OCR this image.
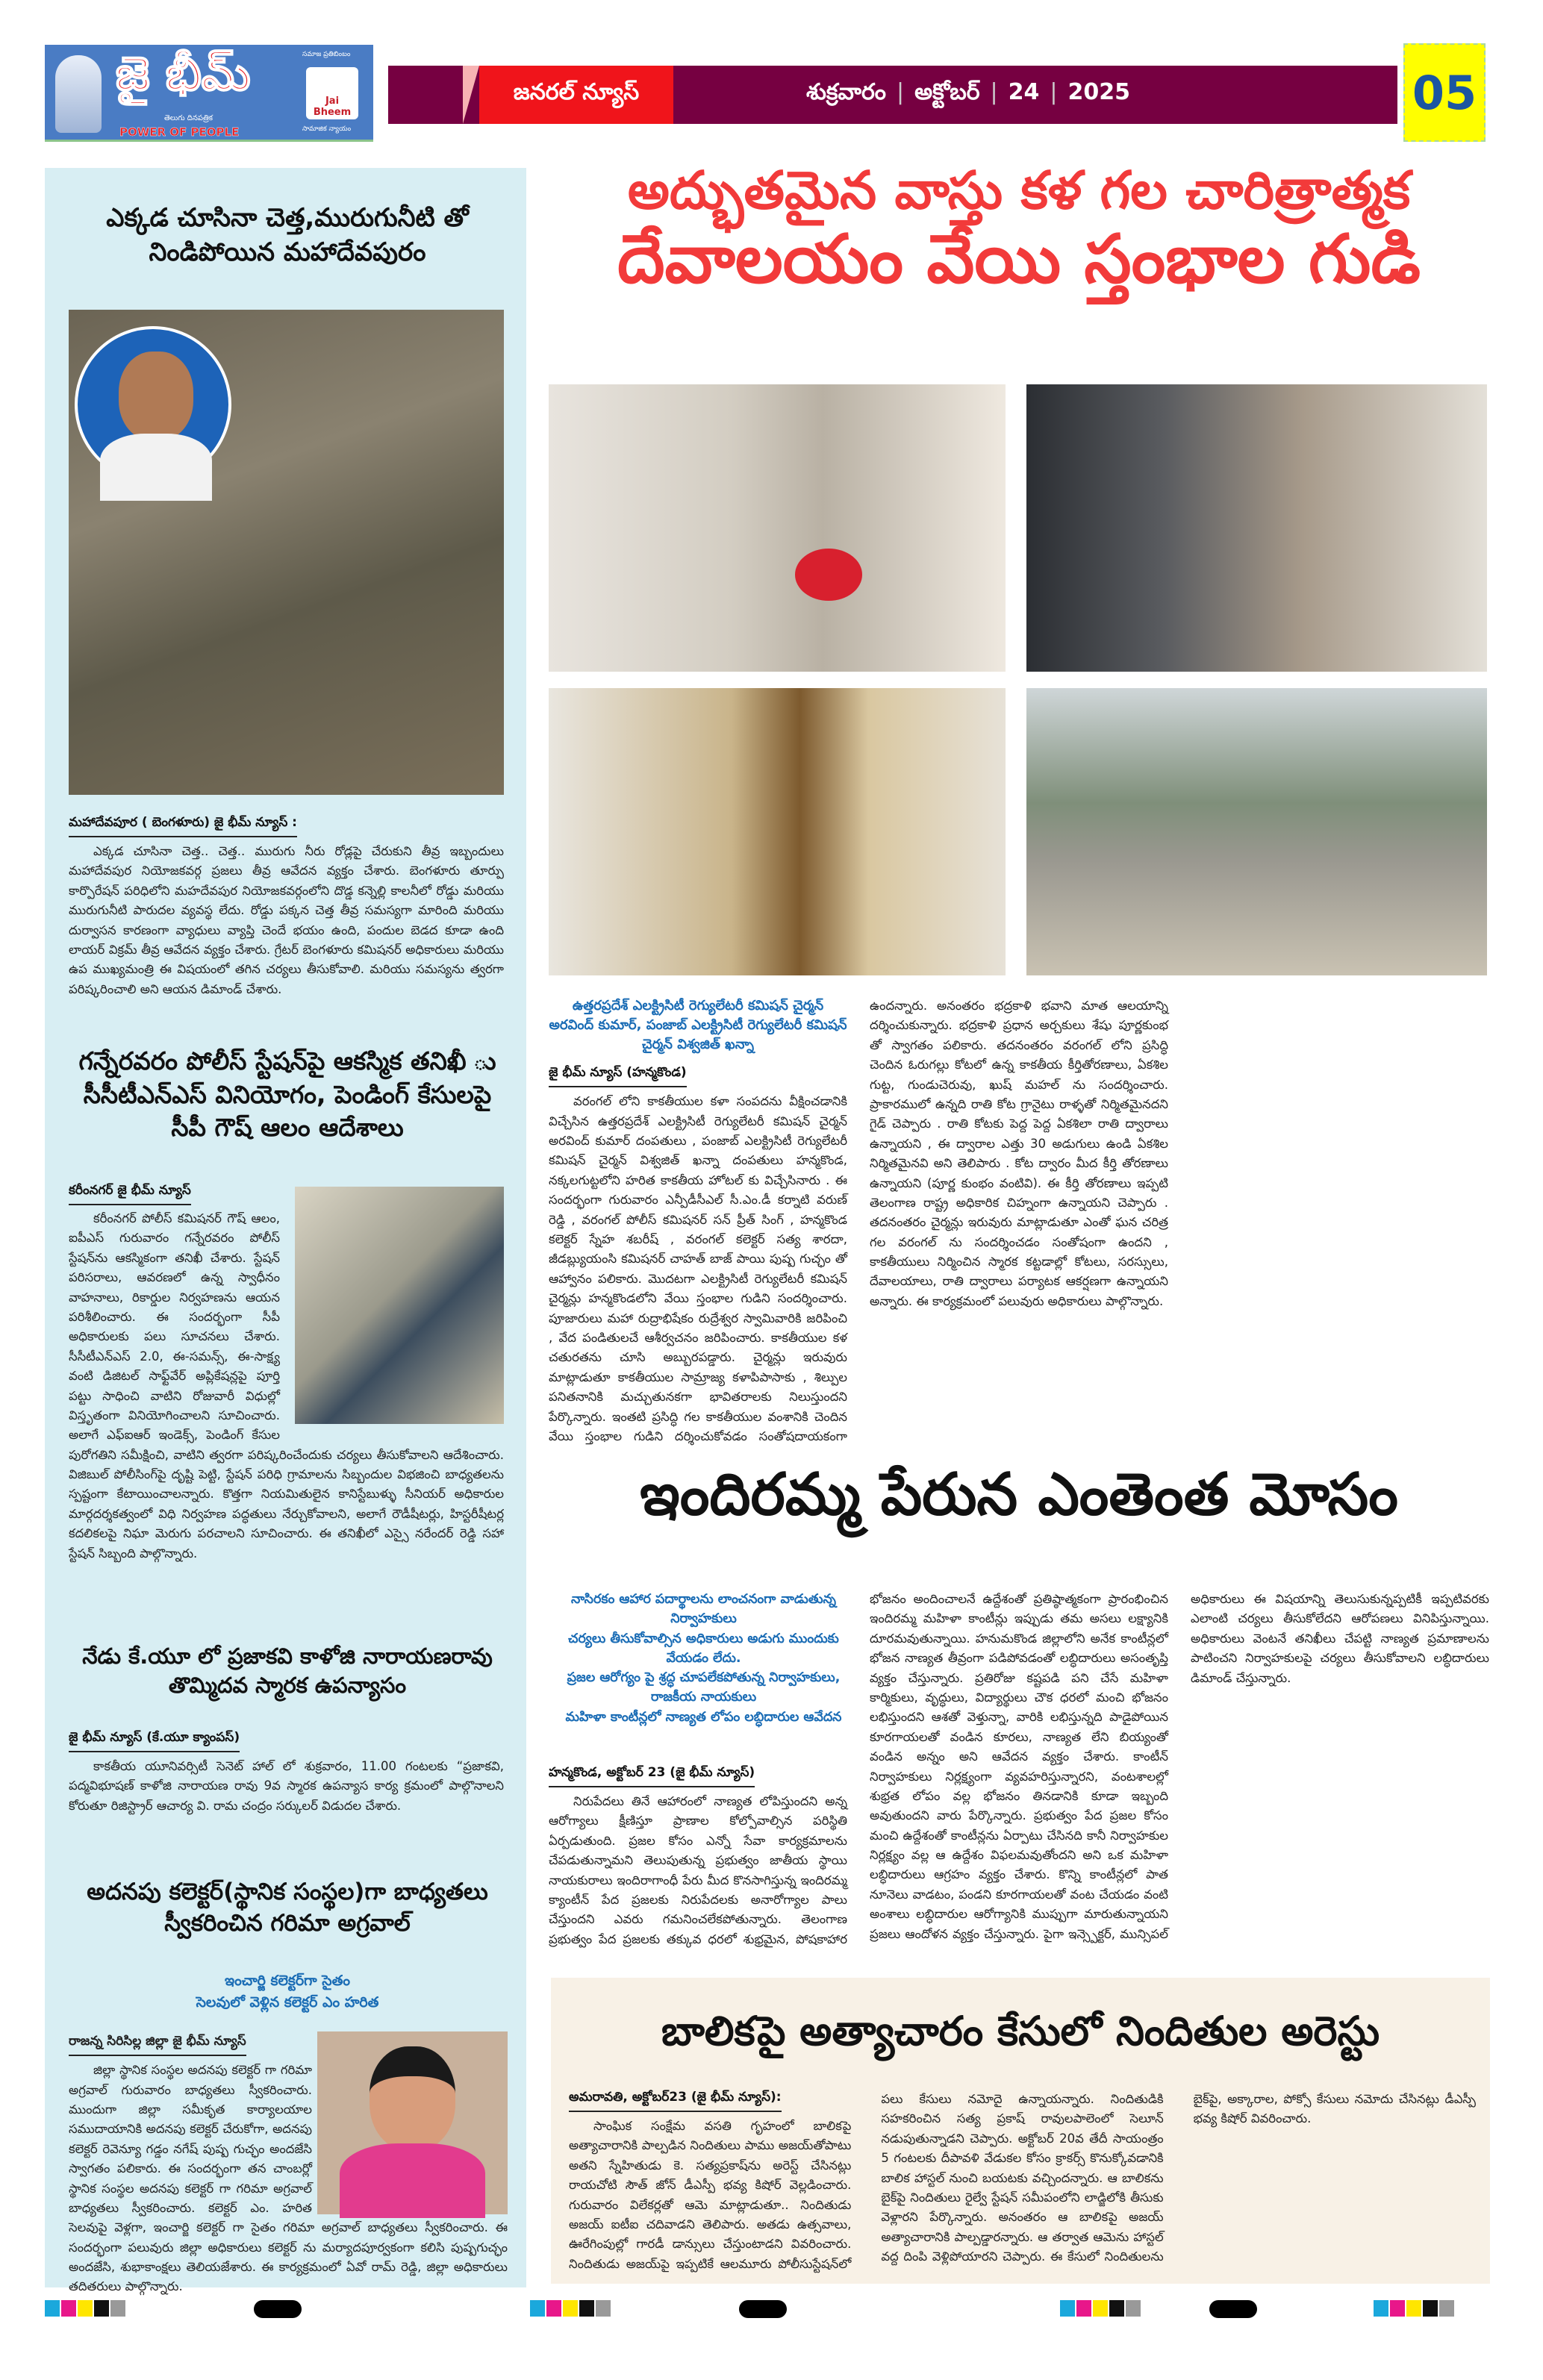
జై భీమ్
తెలుగు దినపత్రిక
POWER OF PEOPLE
సమాజ ప్రతిబింబం
Jai Bheem
సామాజిక న్యాయం
జనరల్ న్యూస్	శుక్రవారం | అక్టోబర్ | 24 | 2025	05
ఎక్కడ చూసినా చెత్త,మురుగునీటి తో నిండిపోయిన మహాదేవపురం
మహాదేవపూర ( బెంగళూరు) జై భీమ్ న్యూస్ :

ఎక్కడ చూసినా చెత్త.. చెత్త.. మురుగు నీరు రోడ్లపై చేరుకుని తీవ్ర ఇబ్బందులు మహాదేవపుర నియోజకవర్గ ప్రజలు తీవ్ర ఆవేదన వ్యక్తం చేశారు. బెంగళూరు తూర్పు కార్పొరేషన్ పరిధిలోని మహదేవపుర నియోజకవర్గంలోని దొడ్డ కన్నెల్లి కాలనీలో రోడ్డు మరియు మురుగునీటి పారుదల వ్యవస్థ లేదు. రోడ్డు పక్కన చెత్త తీవ్ర సమస్యగా మారింది మరియు దుర్వాసన కారణంగా వ్యాధులు వ్యాప్తి చెందే భయం ఉంది, పందుల బెడద కూడా ఉంది లాయర్ విక్రమ్ తీవ్ర ఆవేదన వ్యక్తం చేశారు. గ్రేటర్ బెంగళూరు కమిషనర్ అధికారులు మరియు ఉప ముఖ్యమంత్రి ఈ విషయంలో తగిన చర్యలు తీసుకోవాలి. మరియు సమస్యను త్వరగా పరిష్కరించాలి అని ఆయన డిమాండ్ చేశారు.

గన్నేరవరం పోలీస్ స్టేషన్‌పై ఆకస్మిక తనిఖీ ు సీసీటీఎన్ఎస్ వినియోగం, పెండింగ్ కేసులపై సీపీ గౌష్ ఆలం ఆదేశాలు
కరీంనగర్ జై భీమ్ న్యూస్

కరీంనగర్ పోలీస్ కమిషనర్ గౌష్ ఆలం, ఐపీఎస్ గురువారం గన్నేరవరం పోలీస్ స్టేషన్‌ను ఆకస్మికంగా తనిఖీ చేశారు. స్టేషన్ పరిసరాలు, ఆవరణలో ఉన్న స్వాధీనం వాహనాలు, రికార్డుల నిర్వహణను ఆయన పరిశీలించారు. ఈ సందర్భంగా సీపీ అధికారులకు పలు సూచనలు చేశారు. సీసీటీఎన్ఎస్ 2.0, ఈ-సమన్స్, ఈ-సాక్ష్య వంటి డిజిటల్ సాఫ్ట్‌వేర్ అప్లికేషన్లపై పూర్తి పట్టు సాధించి వాటిని రోజువారీ విధుల్లో విస్తృతంగా వినియోగించాలని సూచించారు. అలాగే ఎఫ్ఐఆర్ ఇండెక్స్, పెండింగ్ కేసుల పురోగతిని సమీక్షించి, వాటిని త్వరగా పరిష్కరించేందుకు చర్యలు తీసుకోవాలని ఆదేశించారు. విజిబుల్ పోలీసింగ్‌పై దృష్టి పెట్టి, స్టేషన్ పరిధి గ్రామాలను సిబ్బందుల విభజించి బాధ్యతలను స్పష్టంగా కేటాయించాలన్నారు. కొత్తగా నియమితులైన కానిస్టేబుళ్ళు సీనియర్ అధికారుల మార్గదర్శకత్వంలో విధి నిర్వహణ పద్ధతులు నేర్చుకోవాలని, అలాగే రౌడీషీటర్లు, హిస్టరీషీటర్ల కదలికలపై నిఘా మెరుగు పరచాలని సూచించారు. ఈ తనిఖీలో ఎస్సై నరేందర్ రెడ్డి సహా స్టేషన్ సిబ్బంది పాల్గొన్నారు.

నేడు కే.యూ లో ప్రజాకవి కాళోజి నారాయణరావు తొమ్మిదవ స్మారక ఉపన్యాసం
జై భీమ్ న్యూస్ (కే.యూ క్యాంపస్)

కాకతీయ యూనివర్సిటీ సెనెట్ హాల్ లో శుక్రవారం, 11.00 గంటలకు “ప్రజాకవి, పద్మవిభూషణ్ కాళోజి నారాయణ రావు 9వ స్మారక ఉపన్యాస కార్య క్రమంలో పాల్గొనాలని కోరుతూ రిజిస్ట్రార్ ఆచార్య వి. రామ చంద్రం సర్కులర్ విడుదల చేశారు.

అదనపు కలెక్టర్(స్థానిక సంస్థల)గా బాధ్యతలు స్వీకరించిన గరిమా అగ్రవాల్
ఇంచార్జి కలెక్టర్‌గా సైతం
సెలవులో వెళ్లిన కలెక్టర్ ఎం హరిత
రాజన్న సిరిసిల్ల జిల్లా జై భీమ్ న్యూస్

జిల్లా స్థానిక సంస్థల అదనపు కలెక్టర్ గా గరిమా అగ్రవాల్ గురువారం బాధ్యతలు స్వీకరించారు. ముందుగా జిల్లా సమీకృత కార్యాలయాల సముదాయానికి అదనపు కలెక్టర్ చేరుకోగా, అదనపు కలెక్టర్ రెవెన్యూ గడ్డం నగేష్ పుష్ప గుచ్ఛం అందజేసి స్వాగతం పలికారు. ఈ సందర్భంగా తన చాంబర్లో స్థానిక సంస్థల అదనపు కలెక్టర్ గా గరిమా అగ్రవాల్ బాధ్యతలు స్వీకరించారు. కలెక్టర్ ఎం. హరిత సెలవుపై వెళ్లగా, ఇంచార్జి కలెక్టర్ గా సైతం గరిమా అగ్రవాల్ బాధ్యతలు స్వీకరించారు. ఈ సందర్భంగా పలువురు జిల్లా అధికారులు కలెక్టర్ ను మర్యాదపూర్వకంగా కలిసి పుష్పగుచ్ఛం అందజేసి, శుభాకాంక్షలు తెలియజేశారు. ఈ కార్యక్రమంలో ఏవో రామ్ రెడ్డి, జిల్లా అధికారులు తదితరులు పాల్గొన్నారు.

అద్భుతమైన వాస్తు కళ గల చారిత్రాత్మక
దేవాలయం వేయి స్తంభాల గుడి
ఉత్తరప్రదేశ్ ఎలక్ట్రిసిటీ రెగ్యులేటరీ కమిషన్ చైర్మన్ అరవింద్ కుమార్, పంజాబ్ ఎలక్ట్రిసిటీ రెగ్యులేటరీ కమిషన్ చైర్మన్ విశ్వజిత్ ఖన్నా
జై భీమ్ న్యూస్ (హన్మకొండ)

వరంగల్ లోని కాకతీయుల కళా సంపదను వీక్షించడానికి విచ్చేసిన ఉత్తరప్రదేశ్ ఎలక్ట్రిసిటీ రెగ్యులేటరీ కమిషన్ చైర్మన్ అరవింద్ కుమార్ దంపతులు , పంజాబ్ ఎలక్ట్రిసిటీ రెగ్యులేటరీ కమిషన్ చైర్మన్ విశ్వజిత్ ఖన్నా దంపతులు హన్మకొండ, నక్కలగుట్టలోని హరిత కాకతీయ హోటల్ కు విచ్చేసినారు . ఈ సందర్భంగా గురువారం ఎన్పీడీసీఎల్ సీ.ఎం.డీ కర్నాటి వరుణ్ రెడ్డి , వరంగల్ పోలీస్ కమిషనర్ సన్ ప్రీత్ సింగ్ , హన్మకొండ కలెక్టర్ స్నేహ శబరీష్ , వరంగల్ కలెక్టర్ సత్య శారదా, జీడబ్ల్యుయంసి కమిషనర్ చాహత్ బాజ్ పాయి పుష్ప గుచ్ఛం తో ఆహ్వానం పలికారు. మొదటగా ఎలక్ట్రిసిటీ రెగ్యులేటరీ కమిషన్ చైర్మన్లు హన్మకొండలోని వేయి స్తంభాల గుడిని సందర్శించారు. పూజారులు మహా రుద్రాభిషేకం రుద్రేశ్వర స్వామివారికి జరిపించి , వేద పండితులచే ఆశీర్వచనం జరిపించారు. కాకతీయుల కళ చతురతను చూసి అబ్బురపడ్డారు. చైర్మన్లు ఇరువురు మాట్లాడుతూ కాకతీయుల సామ్రాజ్య కళాపిపాసాకు , శిల్పుల పనితనానికి మచ్చుతునకగా భావితరాలకు నిలుస్తుందని పేర్కొన్నారు. ఇంతటి ప్రసిద్ధి గల కాకతీయుల వంశానికి చెందిన వేయి స్తంభాల గుడిని దర్శించుకోవడం సంతోషదాయకంగా ఉందన్నారు. అనంతరం భద్రకాళి భవాని మాత ఆలయాన్ని దర్శించుకున్నారు. భద్రకాళి ప్రధాన అర్చకులు శేషు పూర్ణకుంభ తో స్వాగతం పలికారు. తదనంతరం వరంగల్ లోని ప్రసిద్ధి చెందిన ఓరుగల్లు కోటలో ఉన్న కాకతీయ కీర్తితోరణాలు, ఏకశిల గుట్ట, గుండుచెరువు, ఖుష్ మహల్ ను సందర్శించారు. ప్రాకారములో ఉన్నది రాతి కోట గ్రానైటు రాళ్ళతో నిర్మితమైనదని గైడ్ చెప్పారు . రాతి కోటకు పెద్ద పెద్ద ఏకశిలా రాతి ద్వారాలు ఉన్నాయని , ఈ ద్వారాల ఎత్తు 30 అడుగులు ఉండి ఏకశిల నిర్మితమైనవి అని తెలిపారు . కోట ద్వారం మీద కీర్తి తోరణాలు ఉన్నాయని (పూర్ణ కుంభం వంటివి). ఈ కీర్తి తోరణాలు ఇప్పటి తెలంగాణ రాష్ట్ర అధికారిక చిహ్నంగా ఉన్నాయని చెప్పారు . తదనంతరం చైర్మన్లు ఇరువురు మాట్లాడుతూ ఎంతో ఘన చరిత్ర గల వరంగల్ ను సందర్శించడం సంతోషంగా ఉందని , కాకతీయులు నిర్మించిన స్మారక కట్టడాల్లో కోటలు, సరస్సులు, దేవాలయాలు, రాతి ద్వారాలు పర్యాటక ఆకర్షణగా ఉన్నాయని అన్నారు. ఈ కార్యక్రమంలో పలువురు అధికారులు పాల్గొన్నారు.

ఇందిరమ్మ పేరున ఎంతెంత మోసం
నాసిరకం ఆహార పదార్థాలను లాంచనంగా వాడుతున్న నిర్వాహకులు
చర్యలు తీసుకోవాల్సిన అధికారులు అడుగు ముందుకు వేయడం లేదు.
ప్రజల ఆరోగ్యం పై శ్రద్ధ చూపలేకపోతున్న నిర్వాహకులు, రాజకీయ నాయకులు
మహిళా కాంటీన్లలో నాణ్యత లోపం లబ్ధిదారుల ఆవేదన
హన్మకొండ, అక్టోబర్ 23 (జై భీమ్ న్యూస్)

నిరుపేదలు తినే ఆహారంలో నాణ్యత లోపిస్తుందని అన్న ఆరోగ్యాలు క్షీణిస్తూ ప్రాణాల కోల్పోవాల్సిన పరిస్థితి ఏర్పడుతుంది. ప్రజల కోసం ఎన్నో సేవా కార్యక్రమాలను చేపడుతున్నామని తెలుపుతున్న ప్రభుత్వం జాతీయ స్థాయి నాయకురాలు ఇందిరాగాంధీ పేరు మీద కొనసాగిస్తున్న ఇందిరమ్మ క్యాంటీన్ పేద ప్రజలకు నిరుపేదలకు అనారోగ్యాల పాలు చేస్తుందని ఎవరు గమనించలేకపోతున్నారు. తెలంగాణ ప్రభుత్వం పేద ప్రజలకు తక్కువ ధరలో శుభ్రమైన, పోషకాహార భోజనం అందించాలనే ఉద్దేశంతో ప్రతిష్ఠాత్మకంగా ప్రారంభించిన ఇందిరమ్మ మహిళా కాంటీన్లు ఇప్పుడు తమ అసలు లక్ష్యానికి దూరమవుతున్నాయి. హనుమకొండ జిల్లాలోని అనేక కాంటీన్లలో భోజన నాణ్యత తీవ్రంగా పడిపోవడంతో లబ్ధిదారులు అసంతృప్తి వ్యక్తం చేస్తున్నారు. ప్రతిరోజు కష్టపడి పని చేసే మహిళా కార్మికులు, వృద్ధులు, విద్యార్థులు చౌక ధరలో మంచి భోజనం లభిస్తుందని ఆశతో వెళ్తున్నా, వారికి లభిస్తున్నది పాడైపోయిన కూరగాయలతో వండిన కూరలు, నాణ్యత లేని బియ్యంతో వండిన అన్నం అని ఆవేదన వ్యక్తం చేశారు. కాంటీన్ నిర్వాహకులు నిర్లక్ష్యంగా వ్యవహరిస్తున్నారని, వంటశాలల్లో శుభ్రత లోపం వల్ల భోజనం తినడానికి కూడా ఇబ్బంది అవుతుందని వారు పేర్కొన్నారు. ప్రభుత్వం పేద ప్రజల కోసం మంచి ఉద్దేశంతో కాంటీన్లను ఏర్పాటు చేసినది కానీ నిర్వాహకుల నిర్లక్ష్యం వల్ల ఆ ఉద్దేశం విఫలమవుతోందని అని ఒక మహిళా లబ్ధిదారులు ఆగ్రహం వ్యక్తం చేశారు. కొన్ని కాంటీన్లలో పాత నూనెలు వాడటం, పండని కూరగాయలతో వంట చేయడం వంటి అంశాలు లబ్ధిదారుల ఆరోగ్యానికి ముప్పుగా మారుతున్నాయని ప్రజలు ఆందోళన వ్యక్తం చేస్తున్నారు. పైగా ఇన్స్పెక్టర్, మున్సిపల్ అధికారులు ఈ విషయాన్ని తెలుసుకున్నప్పటికీ ఇప్పటివరకు ఎలాంటి చర్యలు తీసుకోలేదని ఆరోపణలు వినిపిస్తున్నాయి. అధికారులు వెంటనే తనిఖీలు చేపట్టి నాణ్యత ప్రమాణాలను పాటించని నిర్వాహకులపై చర్యలు తీసుకోవాలని లబ్ధిదారులు డిమాండ్ చేస్తున్నారు.

బాలికపై అత్యాచారం కేసులో నిందితుల అరెస్టు
అమరావతి, అక్టోబర్23 (జై భీమ్ న్యూస్):

సాంఘిక సంక్షేమ వసతి గృహంలో బాలికపై అత్యాచారానికి పాల్పడిన నిందితులు పాము అజయ్‌తోపాటు అతని స్నేహితుడు కె. సత్యప్రకాష్‌ను అరెస్ట్ చేసినట్లు రాయచోటి సౌత్ జోన్ డీఎస్పీ భవ్య కిషోర్ వెల్లడించారు. గురువారం విలేకర్లతో ఆమె మాట్లాడుతూ.. నిందితుడు అజయ్ ఐటీఐ చదివాడని తెలిపారు. అతడు ఉత్సవాలు, ఊరేగింపుల్లో గారడీ డాన్సులు చేస్తుంటాడని వివరించారు. నిందితుడు అజయ్‌పై ఇప్పటికే ఆలమూరు పోలీసుస్టేషన్‌లో పలు కేసులు నమోదై ఉన్నాయన్నారు. నిందితుడికి సహకరించిన సత్య ప్రకాష్ రావులపాలెంలో సెలూన్ నడుపుతున్నాడని చెప్పారు. అక్టోబర్ 20వ తేదీ సాయంత్రం 5 గంటలకు దీపావళి వేడుకల కోసం క్రాకర్స్ కొనుక్కోవడానికి బాలిక హాస్టల్ నుంచి బయటకు వచ్చిందన్నారు. ఆ బాలికను బైక్‌పై నిందితులు రైల్వే స్టేషన్ సమీపంలోని లాడ్జిలోకి తీసుకు వెళ్లారని పేర్కొన్నారు. అనంతరం ఆ బాలికపై అజయ్ అత్యాచారానికి పాల్పడ్డారన్నారు. ఆ తర్వాత ఆమెను హాస్టల్ వద్ద దింపి వెళ్లిపోయారని చెప్పారు. ఈ కేసులో నిందితులను బైక్‌పై, అక్కారాల, పోక్సో కేసులు నమోదు చేసినట్లు డీఎస్పీ భవ్య కిషోర్ వివరించారు.
